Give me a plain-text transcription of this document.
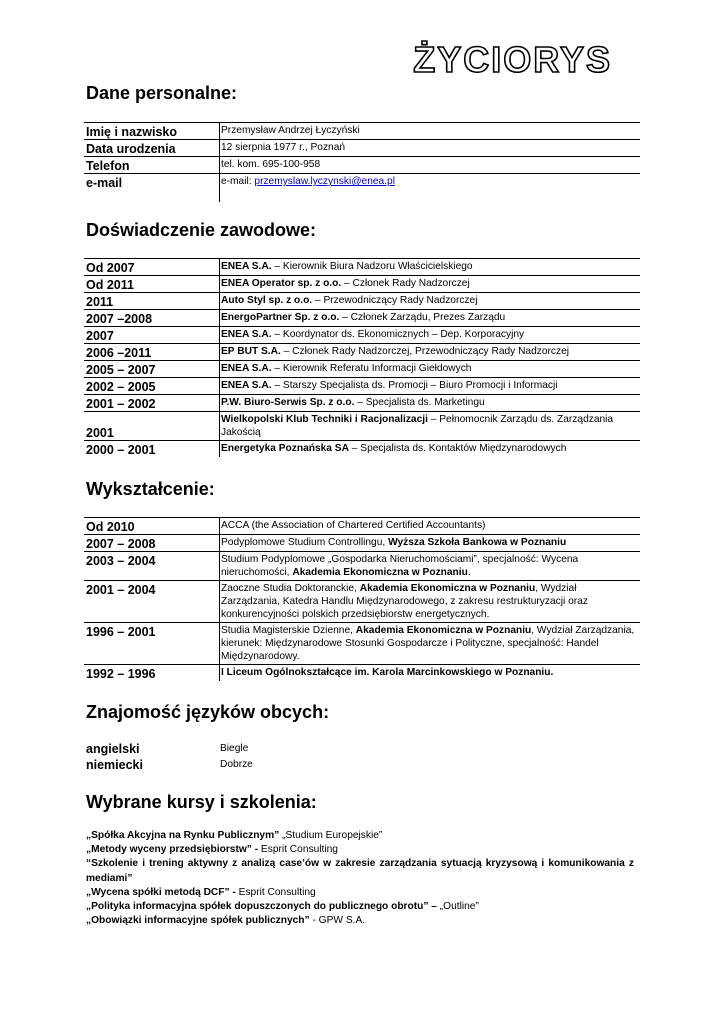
ŻYCIORYS
Dane personalne:
Imię i nazwisko	Przemysław Andrzej Łyczyński
Data urodzenia	12 sierpnia 1977 r., Poznań
Telefon	tel. kom. 695-100-958
e-mail	e-mail: przemyslaw.lyczynski@enea.pl
Doświadczenie zawodowe:
Od 2007	ENEA S.A. – Kierownik Biura Nadzoru Właścicielskiego
Od 2011	ENEA Operator sp. z o.o. – Członek Rady Nadzorczej
2011	Auto Styl sp. z o.o. – Przewodniczący Rady Nadzorczej
2007 –2008	EnergoPartner Sp. z o.o. – Członek Zarządu, Prezes Zarządu
2007	ENEA S.A. – Koordynator ds. Ekonomicznych – Dep. Korporacyjny
2006 –2011	EP BUT S.A. – Członek Rady Nadzorczej, Przewodniczący Rady Nadzorczej
2005 – 2007	ENEA S.A. – Kierownik Referatu Informacji Giełdowych
2002 – 2005	ENEA S.A. – Starszy Specjalista ds. Promocji – Biuro Promocji i Informacji
2001 – 2002	P.W. Biuro-Serwis Sp. z o.o. – Specjalista ds. Marketingu
2001	Wielkopolski Klub Techniki i Racjonalizacji – Pełnomocnik Zarządu ds. Zarządzania Jakością
2000 – 2001	Energetyka Poznańska SA – Specjalista ds. Kontaktów Międzynarodowych
Wykształcenie:
Od 2010	ACCA (the Association of Chartered Certified Accountants)
2007 – 2008	Podyplomowe Studium Controllingu, Wyższa Szkoła Bankowa w Poznaniu
2003 – 2004	Studium Podyplomowe „Gospodarka Nieruchomościami”, specjalność: Wycena nieruchomości, Akademia Ekonomiczna w Poznaniu.
2001 – 2004	Zaoczne Studia Doktoranckie, Akademia Ekonomiczna w Poznaniu, Wydział Zarządzania, Katedra Handlu Międzynarodowego, z zakresu restrukturyzacji oraz konkurencyjności polskich przedsiębiorstw energetycznych.
1996 – 2001	Studia Magisterskie Dzienne, Akademia Ekonomiczna w Poznaniu, Wydział Zarządzania, kierunek: Międzynarodowe Stosunki Gospodarcze i Polityczne, specjalność: Handel Międzynarodowy.
1992 – 1996	I Liceum Ogólnokształcące im. Karola Marcinkowskiego w Poznaniu.
Znajomość języków obcych:
angielski	Biegle
niemiecki	Dobrze
Wybrane kursy i szkolenia:
„Spółka Akcyjna na Rynku Publicznym” „Studium Europejskie”
„Metody wyceny przedsiębiorstw” - Esprit Consulting
“Szkolenie i trening aktywny z analizą case’ów w zakresie zarządzania sytuacją kryzysową i komunikowania z mediami”
„Wycena spółki metodą DCF” - Esprit Consulting
„Polityka informacyjna spółek dopuszczonych do publicznego obrotu” – „Outline”
„Obowiązki informacyjne spółek publicznych” - GPW S.A.
